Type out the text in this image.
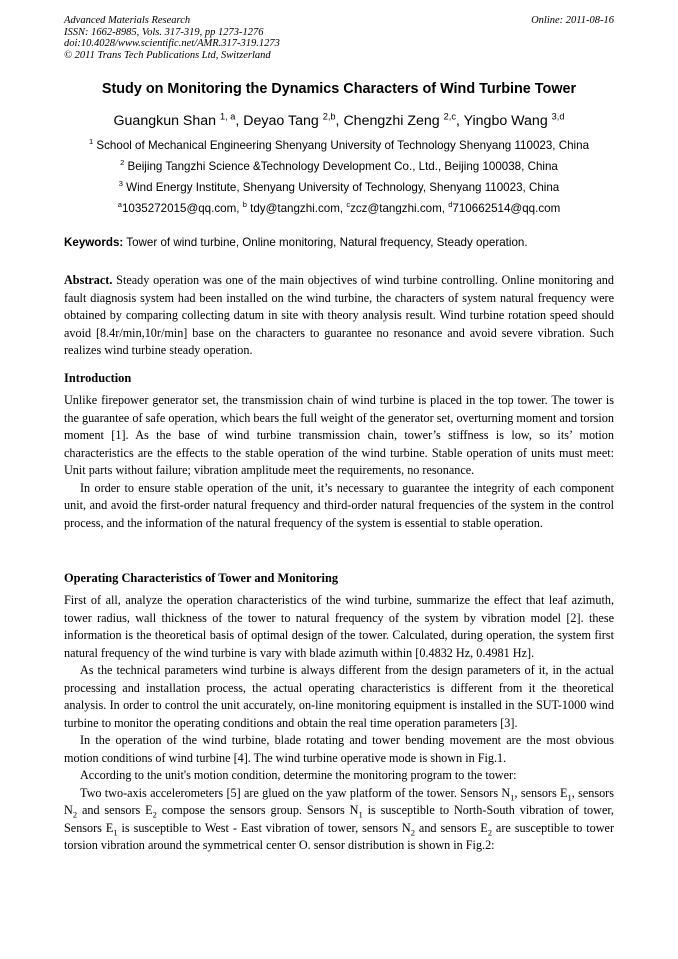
Advanced Materials Research
ISSN: 1662-8985, Vols. 317-319, pp 1273-1276
doi:10.4028/www.scientific.net/AMR.317-319.1273
© 2011 Trans Tech Publications Ltd, Switzerland
Online: 2011-08-16
Study on Monitoring the Dynamics Characters of Wind Turbine Tower
Guangkun Shan $^{1, a}$, Deyao Tang $^{2,b}$, Chengzhi Zeng $^{2,c}$, Yingbo Wang $^{3,d}$
$^1$ School of Mechanical Engineering Shenyang University of Technology Shenyang 110023, China
$^2$ Beijing Tangzhi Science &Technology Development Co., Ltd., Beijing 100038, China
$^3$ Wind Energy Institute, Shenyang University of Technology, Shenyang 110023, China
$^a$1035272015@qq.com, $^b$ tdy@tangzhi.com, $^c$zcz@tangzhi.com, $^d$710662514@qq.com
Keywords: Tower of wind turbine, Online monitoring, Natural frequency, Steady operation.
Abstract. Steady operation was one of the main objectives of wind turbine controlling. Online monitoring and fault diagnosis system had been installed on the wind turbine, the characters of system natural frequency were obtained by comparing collecting datum in site with theory analysis result. Wind turbine rotation speed should avoid [8.4r/min,10r/min] base on the characters to guarantee no resonance and avoid severe vibration. Such realizes wind turbine steady operation.
Introduction

Unlike firepower generator set, the transmission chain of wind turbine is placed in the top tower. The tower is the guarantee of safe operation, which bears the full weight of the generator set, overturning moment and torsion moment [1]. As the base of wind turbine transmission chain, tower’s stiffness is low, so its’ motion characteristics are the effects to the stable operation of the wind turbine. Stable operation of units must meet: Unit parts without failure; vibration amplitude meet the requirements, no resonance.

In order to ensure stable operation of the unit, it’s necessary to guarantee the integrity of each component unit, and avoid the first-order natural frequency and third-order natural frequencies of the system in the control process, and the information of the natural frequency of the system is essential to stable operation.

Operating Characteristics of Tower and Monitoring

First of all, analyze the operation characteristics of the wind turbine, summarize the effect that leaf azimuth, tower radius, wall thickness of the tower to natural frequency of the system by vibration model [2]. these information is the theoretical basis of optimal design of the tower. Calculated, during operation, the system first natural frequency of the wind turbine is vary with blade azimuth within [0.4832 Hz, 0.4981 Hz].

As the technical parameters wind turbine is always different from the design parameters of it, in the actual processing and installation process, the actual operating characteristics is different from it the theoretical analysis. In order to control the unit accurately, on-line monitoring equipment is installed in the SUT-1000 wind turbine to monitor the operating conditions and obtain the real time operation parameters [3].

In the operation of the wind turbine, blade rotating and tower bending movement are the most obvious motion conditions of wind turbine [4]. The wind turbine operative mode is shown in Fig.1.

According to the unit's motion condition, determine the monitoring program to the tower:

Two two-axis accelerometers [5] are glued on the yaw platform of the tower. Sensors $N_1$, sensors $E_1$, sensors $N_2$ and sensors $E_2$ compose the sensors group. Sensors $N_1$ is susceptible to North-South vibration of tower, Sensors $E_1$ is susceptible to West - East vibration of tower, sensors $N_2$ and sensors $E_2$ are susceptible to tower torsion vibration around the symmetrical center O. sensor distribution is shown in Fig.2:
